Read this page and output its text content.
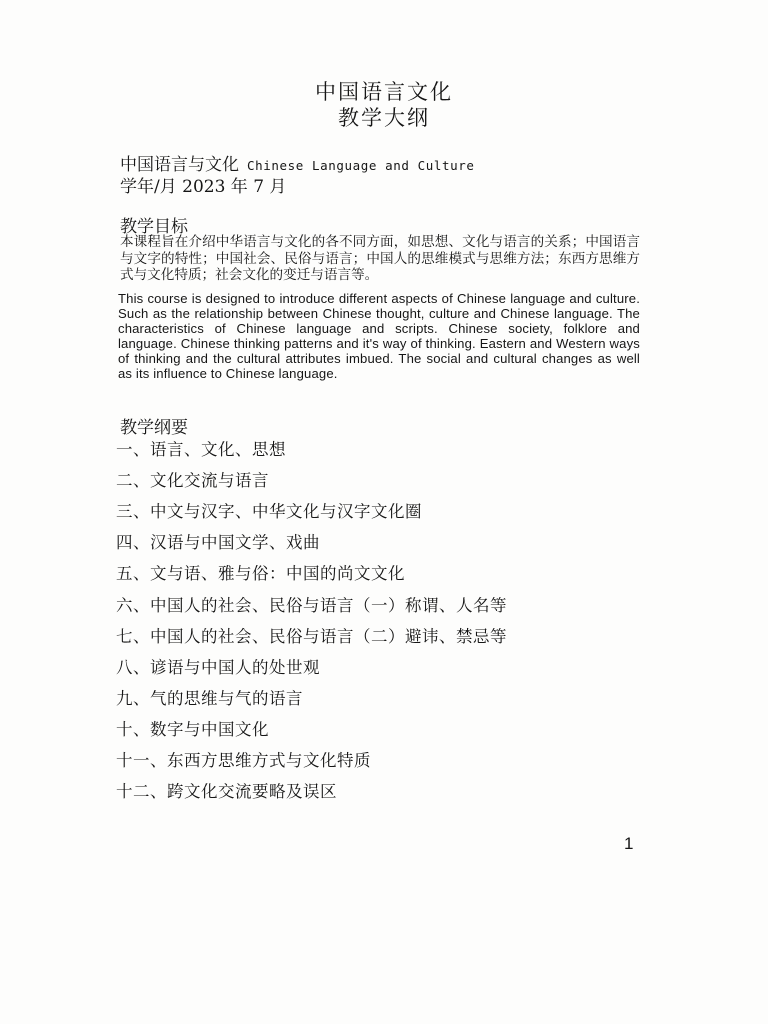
中国语言文化
教学大纲
中国语言与文化 Chinese Language and Culture
学年/月 2023 年 7 月
教学目标
本课程旨在介绍中华语言与文化的各不同方面，如思想、文化与语言的关系；中国语言与文字的特性；中国社会、民俗与语言；中国人的思维模式与思维方法；东西方思维方式与文化特质；社会文化的变迁与语言等。
This course is designed to introduce different aspects of Chinese language and culture. Such as the relationship between Chinese thought, culture and Chinese language. The characteristics of Chinese language and scripts. Chinese society, folklore and language. Chinese thinking patterns and it's way of thinking. Eastern and Western ways of thinking and the cultural attributes imbued. The social and cultural changes as well as its influence to Chinese language.
教学纲要
一、语言、文化、思想
二、文化交流与语言
三、中文与汉字、中华文化与汉字文化圈
四、汉语与中国文学、戏曲
五、文与语、雅与俗：中国的尚文文化
六、中国人的社会、民俗与语言（一）称谓、人名等
七、中国人的社会、民俗与语言（二）避讳、禁忌等
八、谚语与中国人的处世观
九、气的思维与气的语言
十、数字与中国文化
十一、东西方思维方式与文化特质
十二、跨文化交流要略及误区
1
